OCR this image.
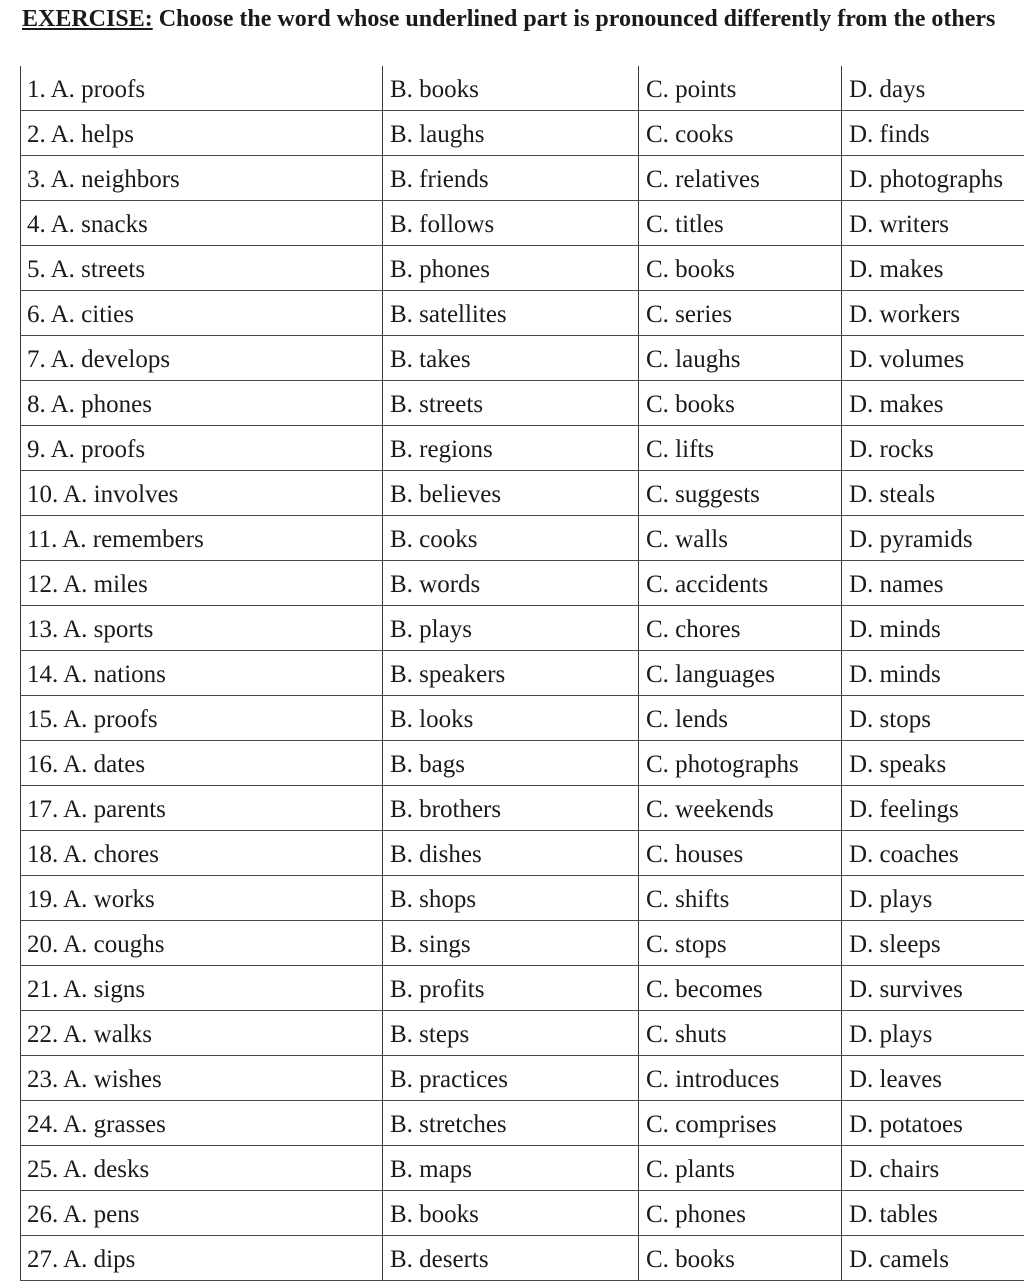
EXERCISE: Choose the word whose underlined part is pronounced differently from the others
1. A. proofs	B. books	C. points	D. days
2. A. helps	B. laughs	C. cooks	D. finds
3. A. neighbors	B. friends	C. relatives	D. photographs
4. A. snacks	B. follows	C. titles	D. writers
5. A. streets	B. phones	C. books	D. makes
6. A. cities	B. satellites	C. series	D. workers
7. A. develops	B. takes	C. laughs	D. volumes
8. A. phones	B. streets	C. books	D. makes
9. A. proofs	B. regions	C. lifts	D. rocks
10. A. involves	B. believes	C. suggests	D. steals
11. A. remembers	B. cooks	C. walls	D. pyramids
12. A. miles	B. words	C. accidents	D. names
13. A. sports	B. plays	C. chores	D. minds
14. A. nations	B. speakers	C. languages	D. minds
15. A. proofs	B. looks	C. lends	D. stops
16. A. dates	B. bags	C. photographs D. speaks
17. A. parents	B. brothers	C. weekends	D. feelings
18. A. chores	B. dishes	C. houses	D. coaches
19. A. works	B. shops	C. shifts	D. plays
20. A. coughs	B. sings	C. stops	D. sleeps
21. A. signs	B. profits	C. becomes	D. survives
22. A. walks	B. steps	C. shuts	D. plays
23. A. wishes	B. practices	C. introduces	D. leaves
24. A. grasses	B. stretches	C. comprises	D. potatoes
25. A. desks	B. maps	C. plants	D. chairs
26. A. pens	B. books	C. phones	D. tables
27. A. dips	B. deserts	C. books	D. camels
